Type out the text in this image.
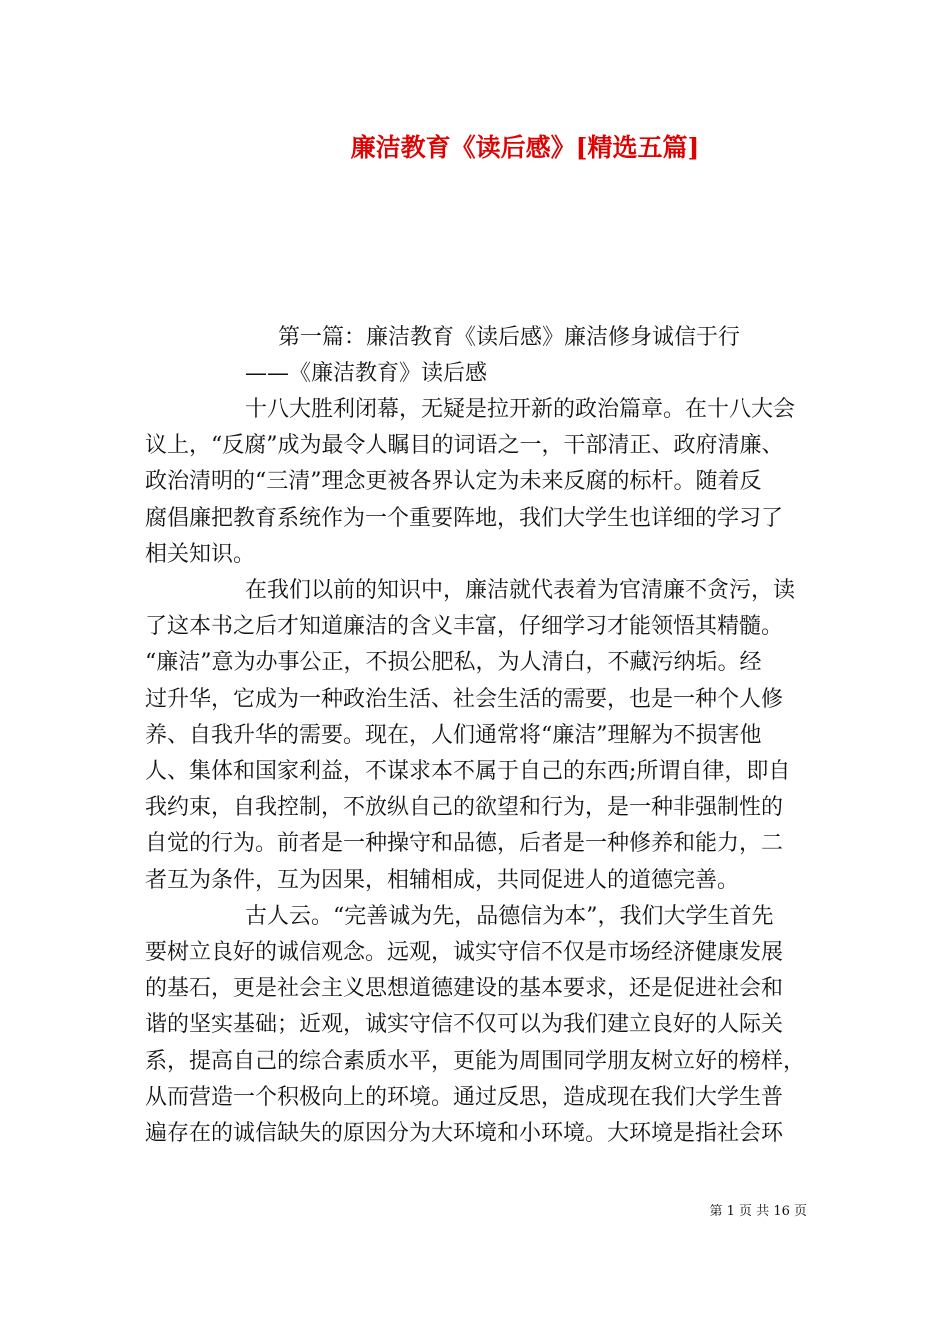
廉洁教育《读后感》[精选五篇]
第一篇：廉洁教育《读后感》廉洁修身诚信于行
——《廉洁教育》读后感
十八大胜利闭幕，无疑是拉开新的政治篇章。在十八大会
议上，“反腐”成为最令人瞩目的词语之一，干部清正、政府清廉、
政治清明的“三清”理念更被各界认定为未来反腐的标杆。随着反
腐倡廉把教育系统作为一个重要阵地，我们大学生也详细的学习了
相关知识。
在我们以前的知识中，廉洁就代表着为官清廉不贪污，读
了这本书之后才知道廉洁的含义丰富，仔细学习才能领悟其精髓。
“廉洁”意为办事公正，不损公肥私，为人清白，不藏污纳垢。经
过升华，它成为一种政治生活、社会生活的需要，也是一种个人修
养、自我升华的需要。现在，人们通常将“廉洁”理解为不损害他
人、集体和国家利益，不谋求本不属于自己的东西;所谓自律，即自
我约束，自我控制，不放纵自己的欲望和行为，是一种非强制性的
自觉的行为。前者是一种操守和品德，后者是一种修养和能力，二
者互为条件，互为因果，相辅相成，共同促进人的道德完善。
古人云。“完善诚为先，品德信为本”，我们大学生首先
要树立良好的诚信观念。远观，诚实守信不仅是市场经济健康发展
的基石，更是社会主义思想道德建设的基本要求，还是促进社会和
谐的坚实基础；近观，诚实守信不仅可以为我们建立良好的人际关
系，提高自己的综合素质水平，更能为周围同学朋友树立好的榜样，
从而营造一个积极向上的环境。通过反思，造成现在我们大学生普
遍存在的诚信缺失的原因分为大环境和小环境。大环境是指社会环
第 1 页 共 16 页
